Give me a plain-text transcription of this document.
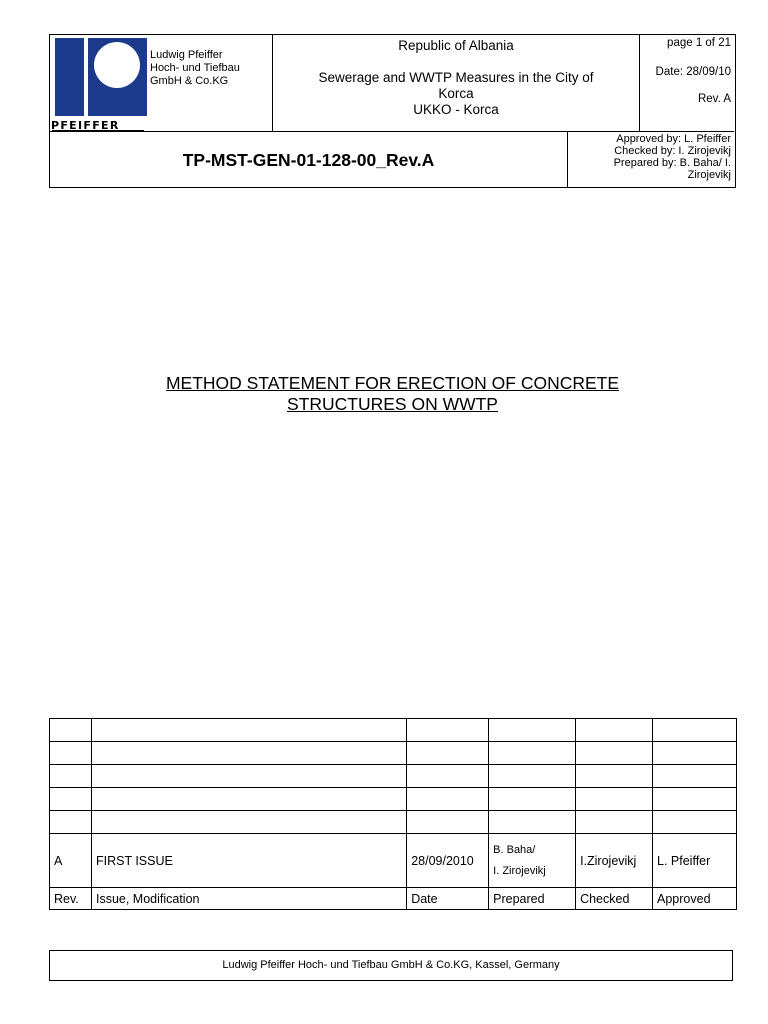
PFEIFFER
Ludwig Pfeiffer
Hoch- und Tiefbau
GmbH & Co.KG
Republic of Albania
Sewerage and WWTP Measures in the City of
Korca
UKKO - Korca
page 1 of 21
Date: 28/09/10
Rev. A
TP-MST-GEN-01-128-00_Rev.A
Approved by: L. Pfeiffer
Checked by: I. Zirojevikj
Prepared by: B. Baha/ I.
Zirojevikj
METHOD STATEMENT FOR ERECTION OF CONCRETE
STRUCTURES ON WWTP

A	FIRST ISSUE	28/09/2010	B. Baha/
I. Zirojevikj	I.Zirojevikj	L. Pfeiffer
Rev.	Issue, Modification	Date	Prepared	Checked	Approved
Ludwig Pfeiffer Hoch- und Tiefbau GmbH & Co.KG, Kassel, Germany
